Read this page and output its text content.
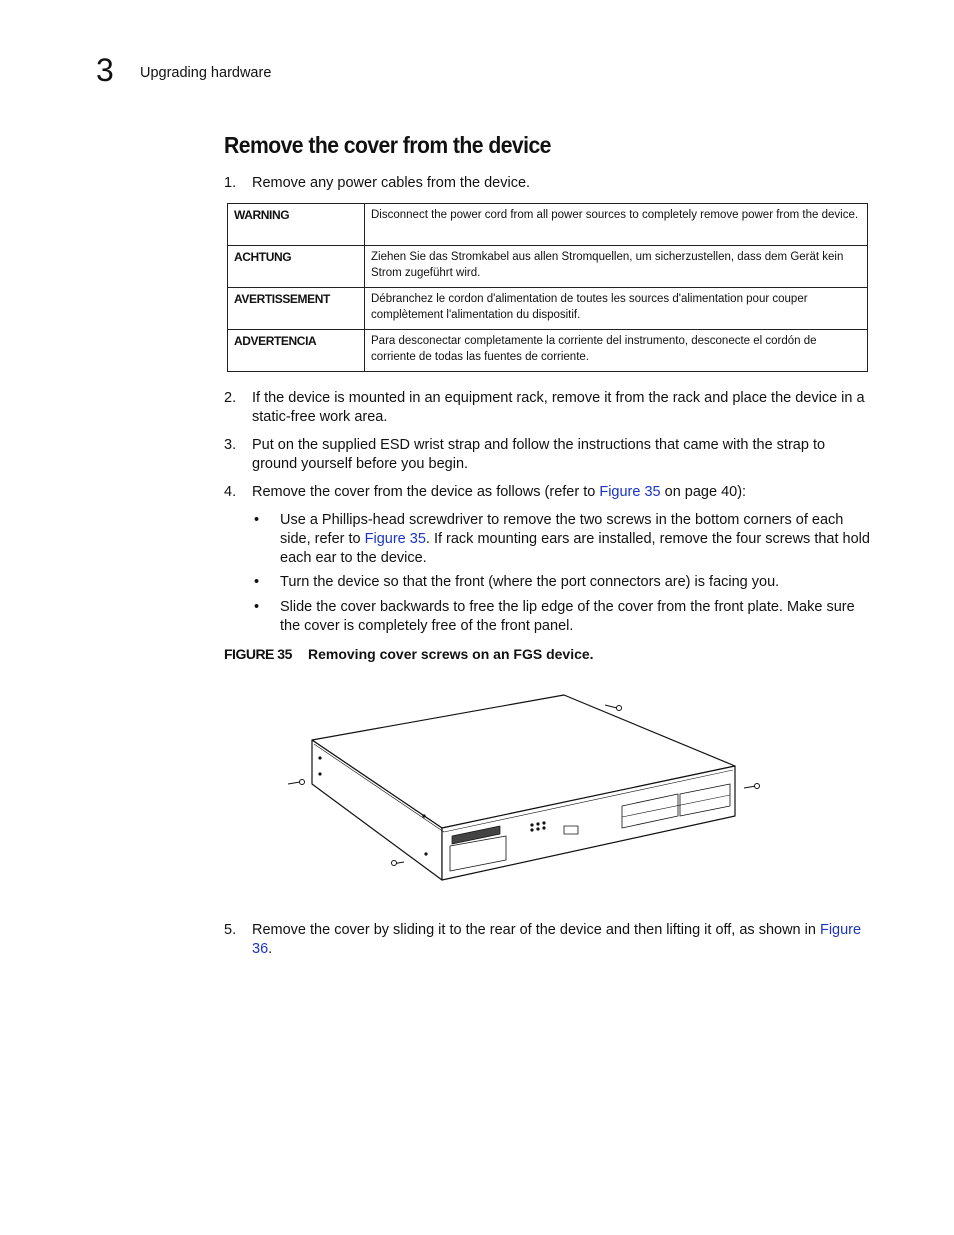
3 Upgrading hardware
Remove the cover from the device
1. Remove any power cables from the device.
WARNING	Disconnect the power cord from all power sources to completely remove power from the device.
ACHTUNG	Ziehen Sie das Stromkabel aus allen Stromquellen, um sicherzustellen, dass dem Gerät kein Strom zugeführt wird.
AVERTISSEMENT	Débranchez le cordon d'alimentation de toutes les sources d'alimentation pour couper complètement l'alimentation du dispositif.
ADVERTENCIA	Para desconectar completamente la corriente del instrumento, desconecte el cordón de corriente de todas las fuentes de corriente.
2. If the device is mounted in an equipment rack, remove it from the rack and place the device in a static-free work area.
3. Put on the supplied ESD wrist strap and follow the instructions that came with the strap to ground yourself before you begin.
4. Remove the cover from the device as follows (refer to Figure 35 on page 40):
• Use a Phillips-head screwdriver to remove the two screws in the bottom corners of each side, refer to Figure 35. If rack mounting ears are installed, remove the four screws that hold each ear to the device.
• Turn the device so that the front (where the port connectors are) is facing you.
• Slide the cover backwards to free the lip edge of the cover from the front plate. Make sure the cover is completely free of the front panel.
FIGURE 35 Removing cover screws on an FGS device.
5. Remove the cover by sliding it to the rear of the device and then lifting it off, as shown in Figure 36.
